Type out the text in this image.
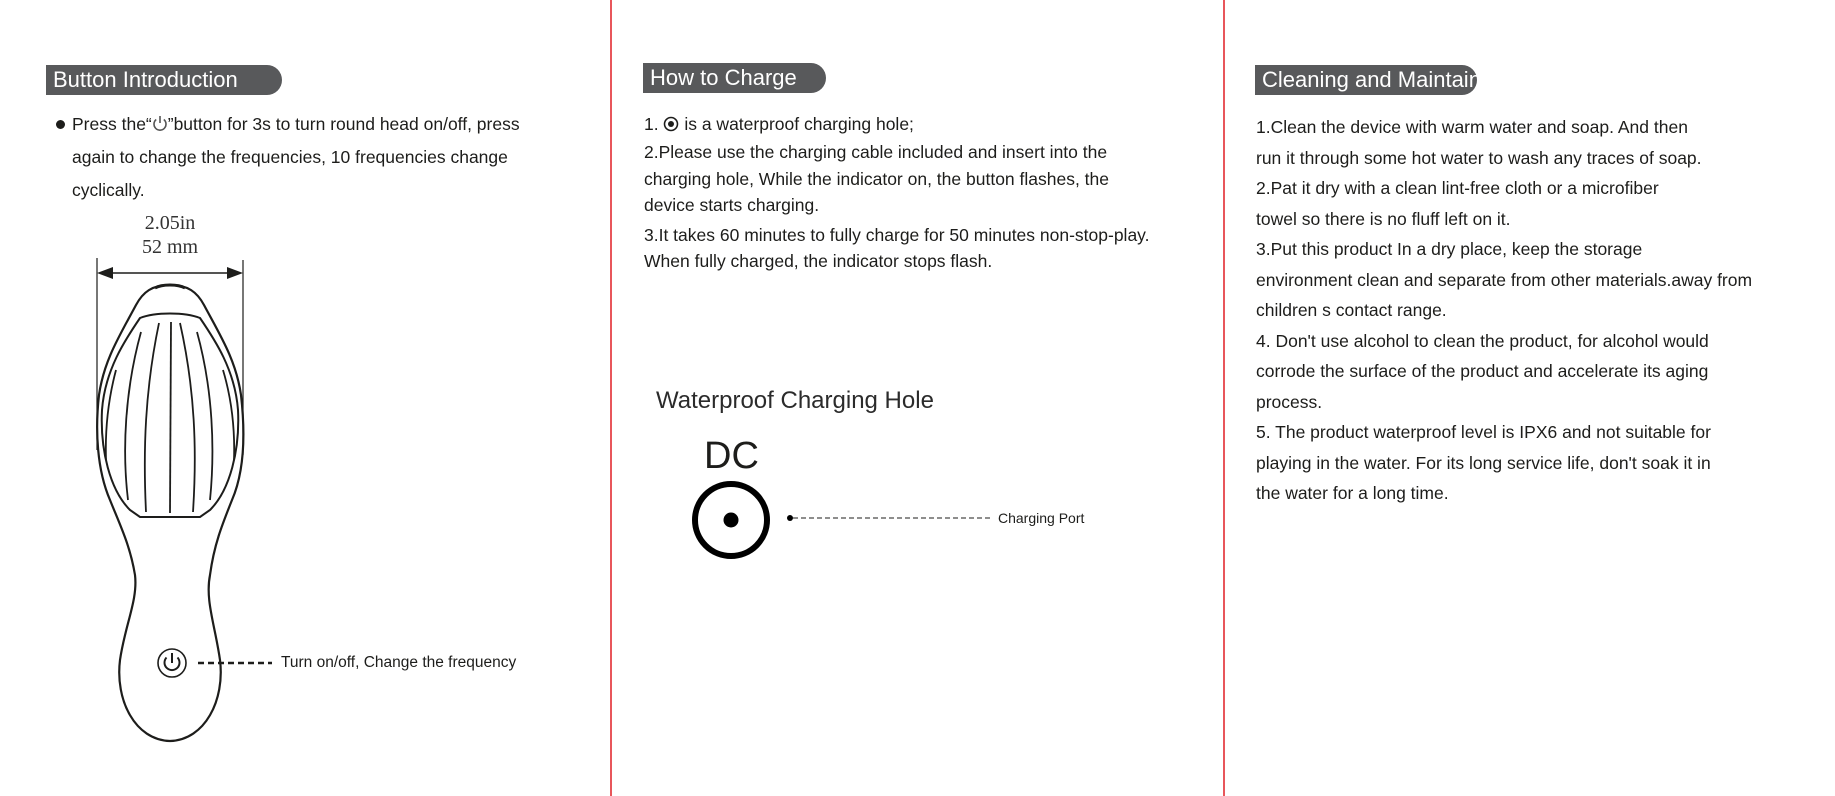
Button Introduction
Press the“ ”button for 3s to turn round head on/off, press
again to change the frequencies, 10 frequencies change
cyclically.
2.05in
52 mm
Turn on/off, Change the frequency
How to Charge
1.  is a waterproof charging hole;
2.Please use the charging cable included and insert into the
charging hole, While the indicator on, the button flashes, the
device starts charging.
3.It takes 60 minutes to fully charge for 50 minutes non-stop-play.
When fully charged, the indicator stops flash.
Waterproof Charging Hole
DC
Charging Port
Cleaning and Maintain
1.Clean the device with warm water and soap. And then
run it through some hot water to wash any traces of soap.
2.Pat it dry with a clean lint-free cloth or a microfiber
towel so there is no fluff left on it.
3.Put this product In a dry place, keep the storage
environment clean and separate from other materials.away from
children s contact range.
4. Don't use alcohol to clean the product, for alcohol would
corrode the surface of the product and accelerate its aging
process.
5. The product waterproof level is IPX6 and not suitable for
playing in the water. For its long service life, don't soak it in
the water for a long time.
